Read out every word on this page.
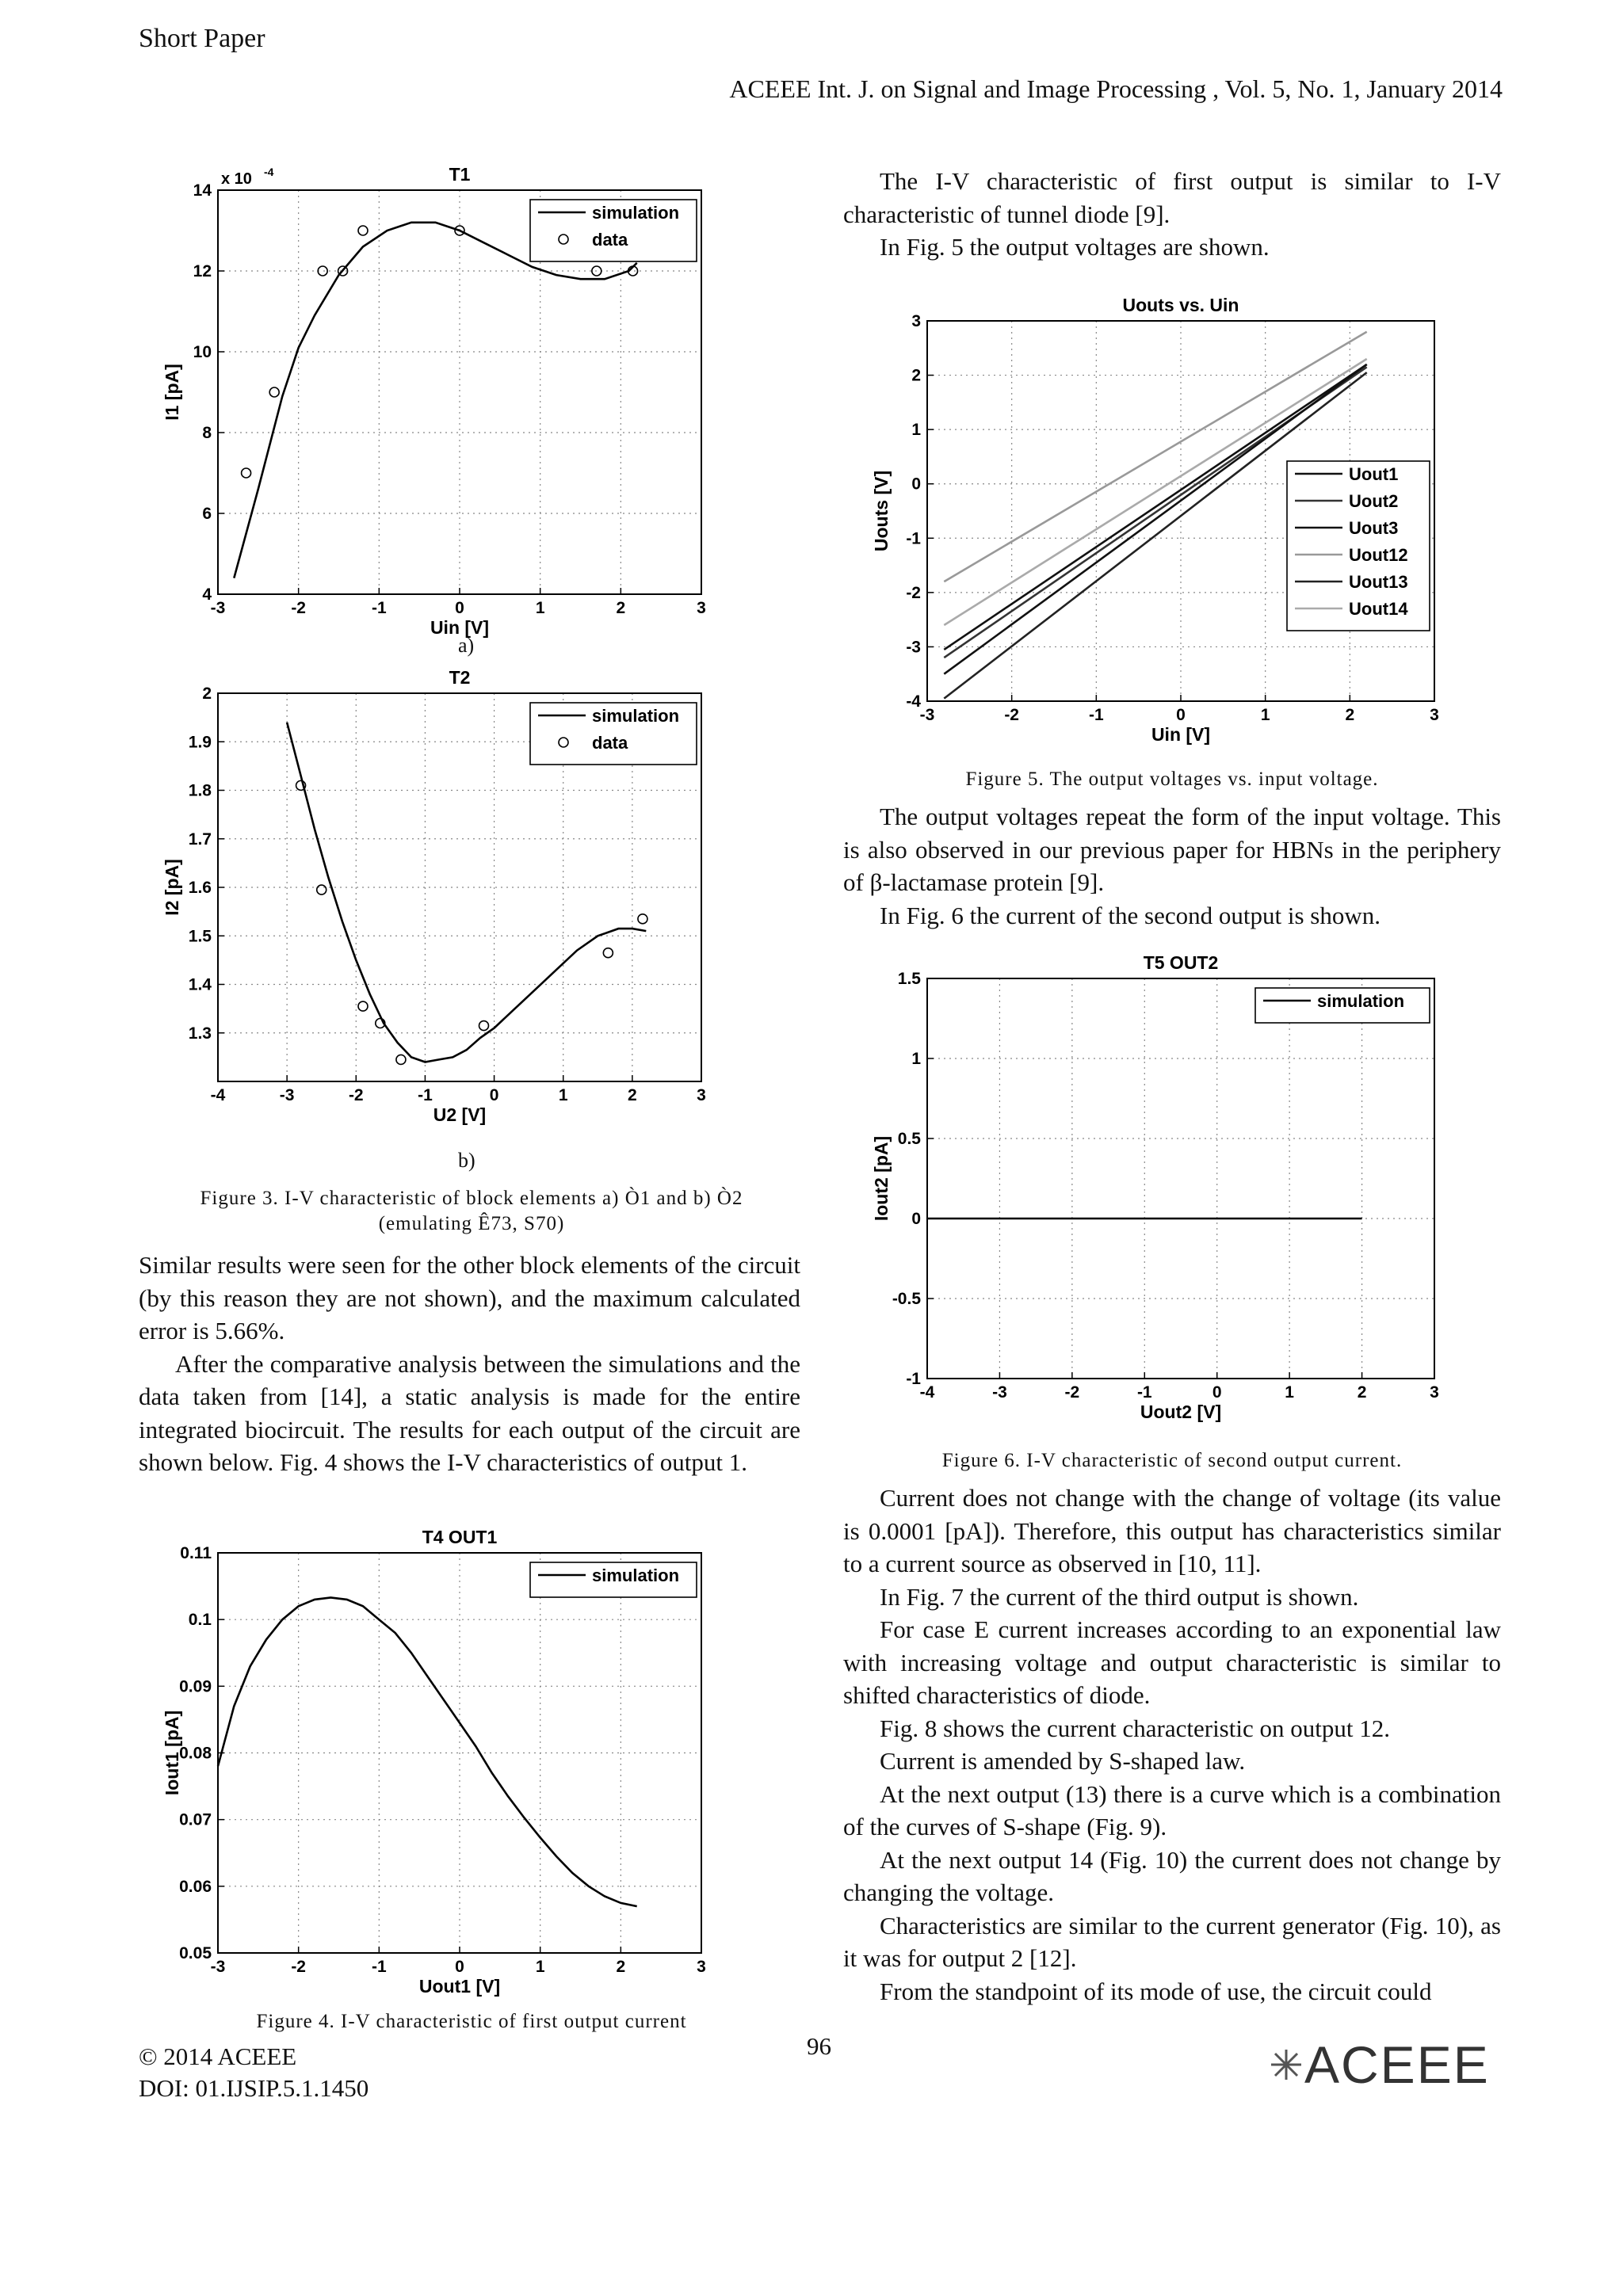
Short Paper
ACEEE Int. J. on Signal and Image Processing , Vol. 5, No. 1, January 2014
-3	-2	-1	0	1	2	3
4
6
8
10
12
14
T1
Uin [V]
I1 [pA]
x 10 -4
simulation
data
a)
-4	-3	-2	-1	0	1	2	3
1.3
1.4
1.5
1.6
1.7
1.8
1.9
2
T2
U2 [V]
I2 [pA]
simulation
data
b)
Figure 3. I-V characteristic of block elements a) Ò1 and b) Ò2
(emulating Ê73, S70)

Similar results were seen for the other block elements of the circuit (by this reason they are not shown), and the maximum calculated error is 5.66%.

After the comparative analysis between the simulations and the data taken from [14], a static analysis is made for the entire integrated biocircuit. The results for each output of the circuit are shown below. Fig. 4 shows the I-V characteristics of output 1.

-3	-2	-1	0	1	2	3
0.05
0.06
0.07
0.08
0.09
0.1
0.11
T4 OUT1
Uout1 [V]
Iout1 [pA]
simulation
Figure 4. I-V characteristic of first output current

The I-V characteristic of first output is similar to I-V characteristic of tunnel diode [9].

In Fig. 5 the output voltages are shown.

-3	-2	-1	0	1	2	3
-4
-3
-2
-1
0
1
2
3
Uouts vs. Uin
Uin [V]
Uouts [V]	Uout1
Uout2
Uout3
Uout12
Uout13
Uout14
Figure 5. The output voltages vs. input voltage.

The output voltages repeat the form of the input voltage. This is also observed in our previous paper for HBNs in the periphery of β-lactamase protein [9].

In Fig. 6 the current of the second output is shown.

-4	-3	-2	-1	0	1	2	3
-1
-0.5
0
0.5
1
1.5
T5 OUT2
Uout2 [V]
Iout2 [pA]
simulation
Figure 6. I-V characteristic of second output current.

Current does not change with the change of voltage (its value is 0.0001 [pA]). Therefore, this output has characteristics similar to a current source as observed in [10, 11].

In Fig. 7 the current of the third output is shown.

For case E current increases according to an exponential law with increasing voltage and output characteristic is similar to shifted characteristics of diode.

Fig. 8 shows the current characteristic on output 12.

Current is amended by S-shaped law.

At the next output (13) there is a curve which is a combination of the curves of S-shape (Fig. 9).

At the next output 14 (Fig. 10) the current does not change by changing the voltage.

Characteristics are similar to the current generator (Fig. 10), as it was for output 2 [12].

From the standpoint of its mode of use, the circuit could

© 2014 ACEEE
DOI: 01.IJSIP.5.1.1450
96	ACEEE
